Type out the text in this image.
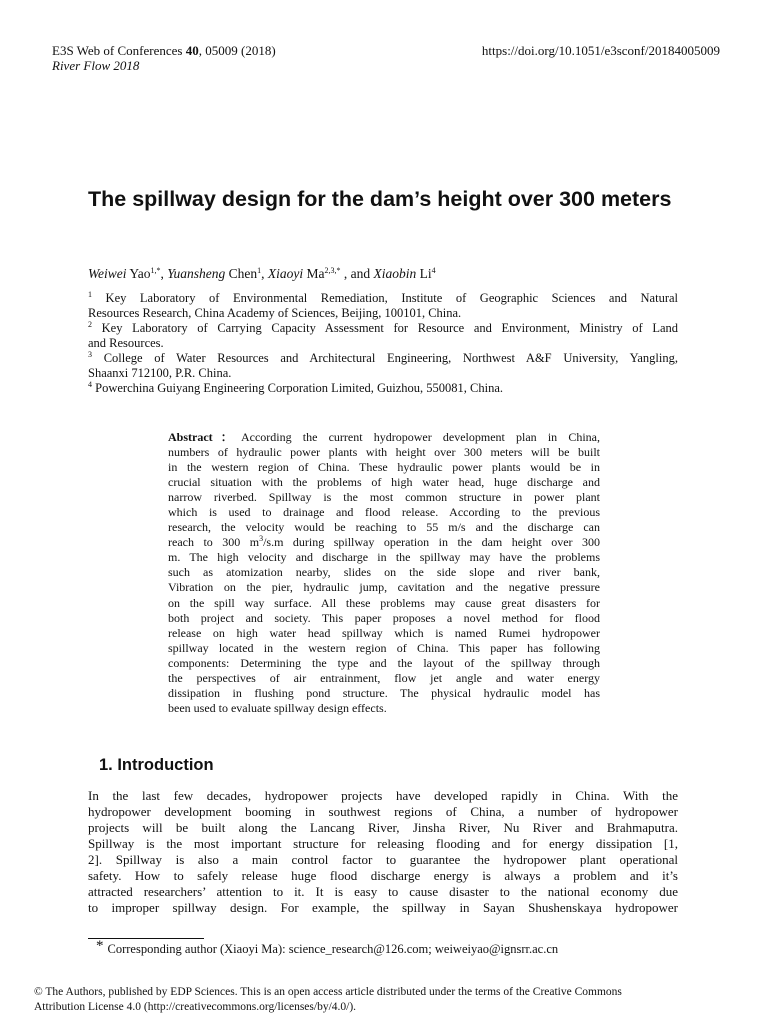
E3S Web of Conferences 40, 05009 (2018)	https://doi.org/10.1051/e3sconf/20184005009
River Flow 2018
The spillway design for the dam’s height over 300 meters
Weiwei Yao$^{1,*}$, Yuansheng Chen$^1$, Xiaoyi $Ma^{2,3,*}$ , and Xiaobin Li$^4$
$^1$ Key Laboratory of Environmental Remediation, Institute of Geographic Sciences and Natural
Resources Research, China Academy of Sciences, Beijing, 100101, China.
$^2$ Key Laboratory of Carrying Capacity Assessment for Resource and Environment, Ministry of Land
and Resources.
$^3$ College of Water Resources and Architectural Engineering, Northwest A&F University, Yangling,
Shaanxi 712100, P.R. China.
$^4$ Powerchina Guiyang Engineering Corporation Limited, Guizhou, 550081, China.
Abstract：According the current hydropower development plan in China,
numbers of hydraulic power plants with height over 300 meters will be built
in the western region of China. These hydraulic power plants would be in
crucial situation with the problems of high water head, huge discharge and
narrow riverbed. Spillway is the most common structure in power plant
which is used to drainage and flood release. According to the previous
research, the velocity would be reaching to 55 m/s and the discharge can
reach to 300 $m^3/s.m$ during spillway operation in the dam height over 300
m. The high velocity and discharge in the spillway may have the problems
such as atomization nearby, slides on the side slope and river bank,
Vibration on the pier, hydraulic jump, cavitation and the negative pressure
on the spill way surface. All these problems may cause great disasters for
both project and society. This paper proposes a novel method for flood
release on high water head spillway which is named Rumei hydropower
spillway located in the western region of China. This paper has following
components: Determining the type and the layout of the spillway through
the perspectives of air entrainment, flow jet angle and water energy
dissipation in flushing pond structure. The physical hydraulic model has
been used to evaluate spillway design effects.
1. Introduction
In the last few decades, hydropower projects have developed rapidly in China. With the
hydropower development booming in southwest regions of China, a number of hydropower
projects will be built along the Lancang River, Jinsha River, Nu River and Brahmaputra.
Spillway is the most important structure for releasing flooding and for energy dissipation [1,
2]. Spillway is also a main control factor to guarantee the hydropower plant operational
safety. How to safely release huge flood discharge energy is always a problem and it’s
attracted researchers’ attention to it. It is easy to cause disaster to the national economy due
to improper spillway design. For example, the spillway in Sayan Shushenskaya hydropower
* Corresponding author (Xiaoyi Ma): science_research@126.com; weiweiyao@ignsrr.ac.cn
© The Authors, published by EDP Sciences. This is an open access article distributed under the terms of the Creative Commons
Attribution License 4.0 (http://creativecommons.org/licenses/by/4.0/).
